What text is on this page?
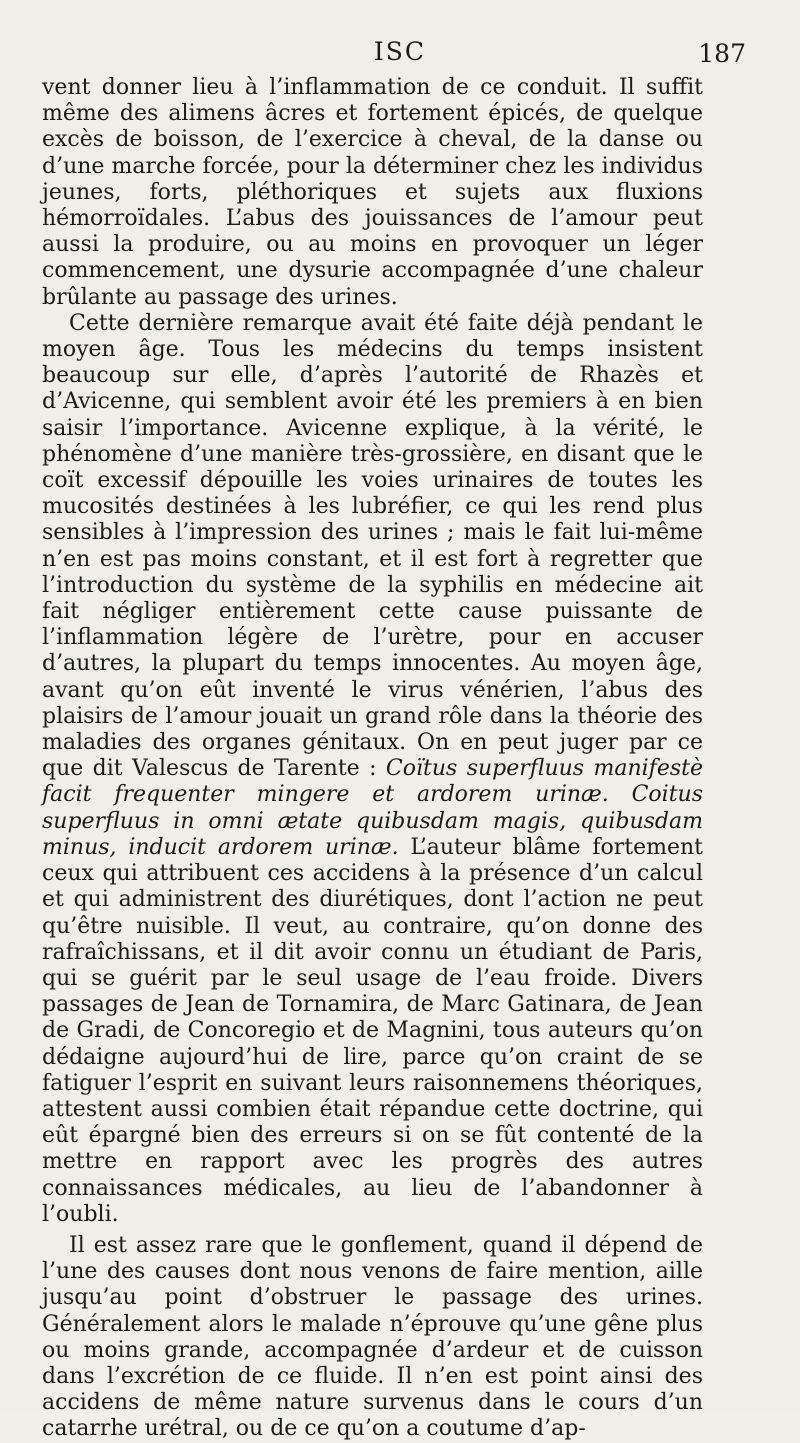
ISC	187

vent donner lieu à l’inflammation de ce conduit. Il suffit même des alimens âcres et fortement épicés, de quelque excès de boisson, de l’exercice à cheval, de la danse ou d’une marche forcée, pour la déterminer chez les individus jeunes, forts, pléthoriques et sujets aux fluxions hémorroïdales. L’abus des jouissances de l’amour peut aussi la produire, ou au moins en provoquer un léger commencement, une dysurie accompagnée d’une chaleur brûlante au passage des urines.

Cette dernière remarque avait été faite déjà pendant le moyen âge. Tous les médecins du temps insistent beaucoup sur elle, d’après l’autorité de Rhazès et d’Avicenne, qui semblent avoir été les premiers à en bien saisir l’importance. Avicenne explique, à la vérité, le phénomène d’une manière très-grossière, en disant que le coït excessif dépouille les voies urinaires de toutes les mucosités destinées à les lubréfier, ce qui les rend plus sensibles à l’impression des urines ; mais le fait lui-même n’en est pas moins constant, et il est fort à regretter que l’introduction du système de la syphilis en médecine ait fait négliger entièrement cette cause puissante de l’inflammation légère de l’urètre, pour en accuser d’autres, la plupart du temps innocentes. Au moyen âge, avant qu’on eût inventé le virus vénérien, l’abus des plaisirs de l’amour jouait un grand rôle dans la théorie des maladies des organes génitaux. On en peut juger par ce que dit Valescus de Tarente : Coïtus superfluus manifestè facit frequenter mingere et ardorem urinæ. Coitus superfluus in omni ætate quibusdam magis, quibusdam minus, inducit ardorem urinæ. L’auteur blâme fortement ceux qui attribuent ces accidens à la présence d’un calcul et qui administrent des diurétiques, dont l’action ne peut qu’être nuisible. Il veut, au contraire, qu’on donne des rafraîchissans, et il dit avoir connu un étudiant de Paris, qui se guérit par le seul usage de l’eau froide. Divers passages de Jean de Tornamira, de Marc Gatinara, de Jean de Gradi, de Concoregio et de Magnini, tous auteurs qu’on dédaigne aujourd’hui de lire, parce qu’on craint de se fatiguer l’esprit en suivant leurs raisonnemens théoriques, attestent aussi combien était répandue cette doctrine, qui eût épargné bien des erreurs si on se fût contenté de la mettre en rapport avec les progrès des autres connaissances médicales, au lieu de l’abandonner à l’oubli.

Il est assez rare que le gonflement, quand il dépend de l’une des causes dont nous venons de faire mention, aille jusqu’au point d’obstruer le passage des urines. Généralement alors le malade n’éprouve qu’une gêne plus ou moins grande, accompagnée d’ardeur et de cuisson dans l’excrétion de ce fluide. Il n’en est point ainsi des accidens de même nature survenus dans le cours d’un catarrhe urétral, ou de ce qu’on a coutume d’ap-
